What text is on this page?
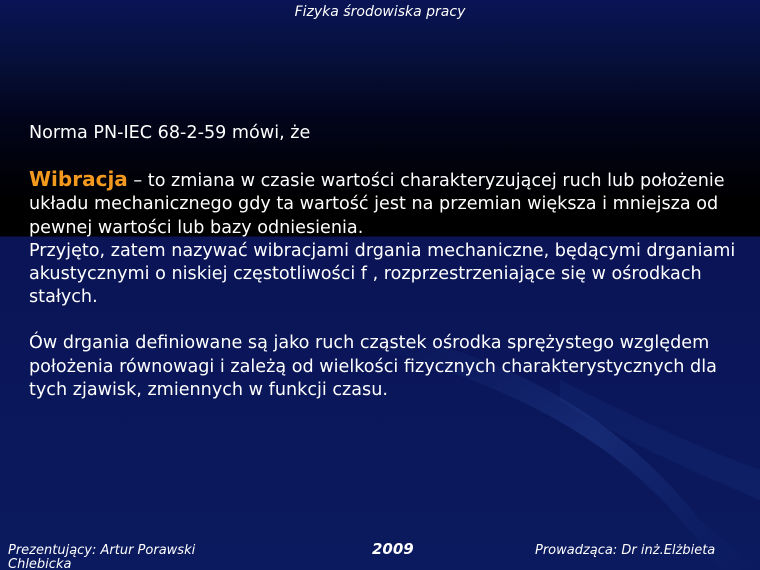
Fizyka środowiska pracy

Norma PN-IEC 68-2-59 mówi, że

Wibracja – to zmiana w czasie wartości charakteryzującej ruch lub położenie układu mechanicznego gdy ta wartość jest na przemian większa i mniejsza od pewnej wartości lub bazy odniesienia.

Przyjęto, zatem nazywać wibracjami drgania mechaniczne, będącymi drganiami akustycznymi o niskiej częstotliwości f , rozprzestrzeniające się w ośrodkach stałych.

Ów drgania definiowane są jako ruch cząstek ośrodka sprężystego względem położenia równowagi i zależą od wielkości fizycznych charakterystycznych dla tych zjawisk, zmiennych w funkcji czasu.

Prezentujący: Artur Porawski	2009	Prowadząca: Dr inż.Elżbieta
Chlebicka
